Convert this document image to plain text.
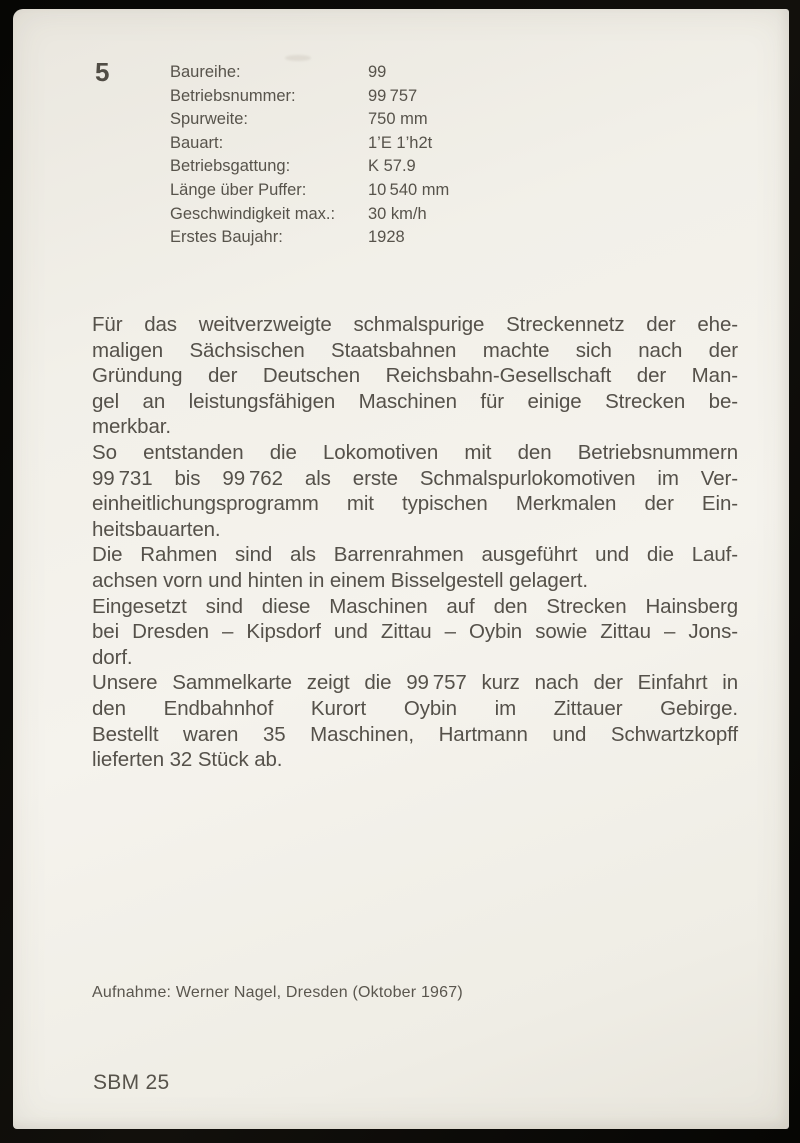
5	Baureihe:	99
Betriebsnummer:	99 757
Spurweite:	750 mm
Bauart:	1’E 1’h2t
Betriebsgattung:	K 57.9
Länge über Puffer:	10 540 mm
Geschwindigkeit max.:	30 km/h
Erstes Baujahr:	1928
Für das weitverzweigte schmalspurige Streckennetz der ehe-
maligen Sächsischen Staatsbahnen machte sich nach der
Gründung der Deutschen Reichsbahn-Gesellschaft der Man-
gel an leistungsfähigen Maschinen für einige Strecken be-
merkbar.
So entstanden die Lokomotiven mit den Betriebsnummern
99 731 bis 99 762 als erste Schmalspurlokomotiven im Ver-
einheitlichungsprogramm mit typischen Merkmalen der Ein-
heitsbauarten.
Die Rahmen sind als Barrenrahmen ausgeführt und die Lauf-
achsen vorn und hinten in einem Bisselgestell gelagert.
Eingesetzt sind diese Maschinen auf den Strecken Hainsberg
bei Dresden – Kipsdorf und Zittau – Oybin sowie Zittau – Jons-
dorf.
Unsere Sammelkarte zeigt die 99 757 kurz nach der Einfahrt in
den Endbahnhof Kurort Oybin im Zittauer Gebirge.
Bestellt waren 35 Maschinen, Hartmann und Schwartzkopff
lieferten 32 Stück ab.
Aufnahme: Werner Nagel, Dresden (Oktober 1967)
SBM 25
